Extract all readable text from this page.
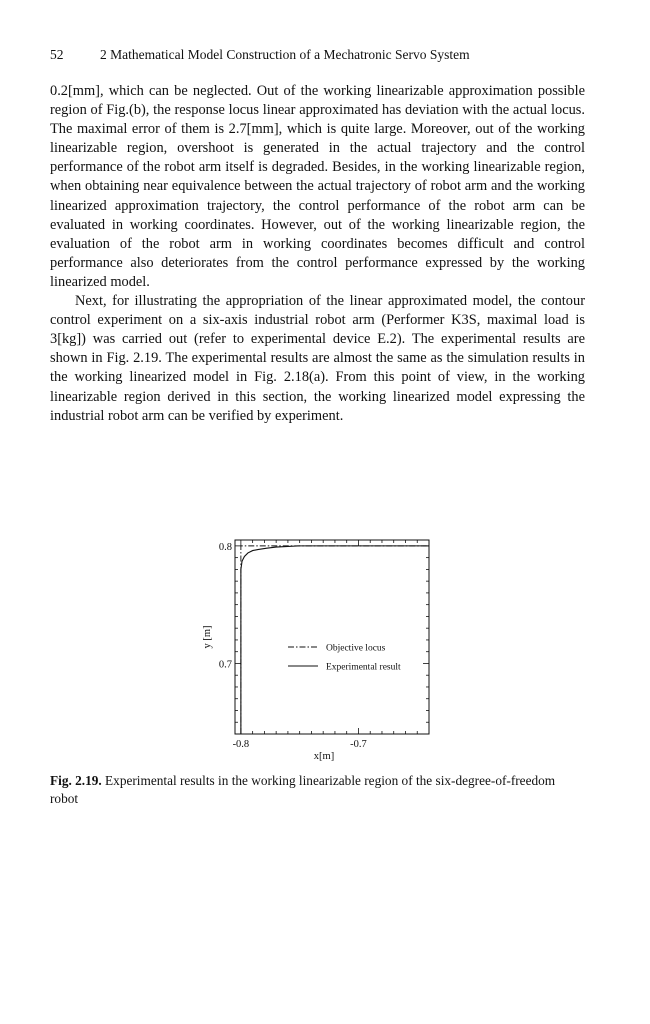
52	2 Mathematical Model Construction of a Mechatronic Servo System

0.2[mm], which can be neglected. Out of the working linearizable approximation possible region of Fig.(b), the response locus linear approximated has deviation with the actual locus. The maximal error of them is 2.7[mm], which is quite large. Moreover, out of the working linearizable region, overshoot is generated in the actual trajectory and the control performance of the robot arm itself is degraded. Besides, in the working linearizable region, when obtaining near equivalence between the actual trajectory of robot arm and the working linearized approximation trajectory, the control performance of the robot arm can be evaluated in working coordinates. However, out of the working linearizable region, the evaluation of the robot arm in working coordinates becomes difficult and control performance also deteriorates from the control performance expressed by the working linearized model.

Next, for illustrating the appropriation of the linear approximated model, the contour control experiment on a six-axis industrial robot arm (Performer K3S, maximal load is 3[kg]) was carried out (refer to experimental device E.2). The experimental results are shown in Fig. 2.19. The experimental results are almost the same as the simulation results in the working linearized model in Fig. 2.18(a). From this point of view, in the working linearizable region derived in this section, the working linearized model expressing the industrial robot arm can be verified by experiment.

-0.8	-0.7
0.7
0.8
x[m]
y [m]	Objective locus
Experimental result
Fig. 2.19. Experimental results in the working linearizable region of the six-degree-of-freedom robot
